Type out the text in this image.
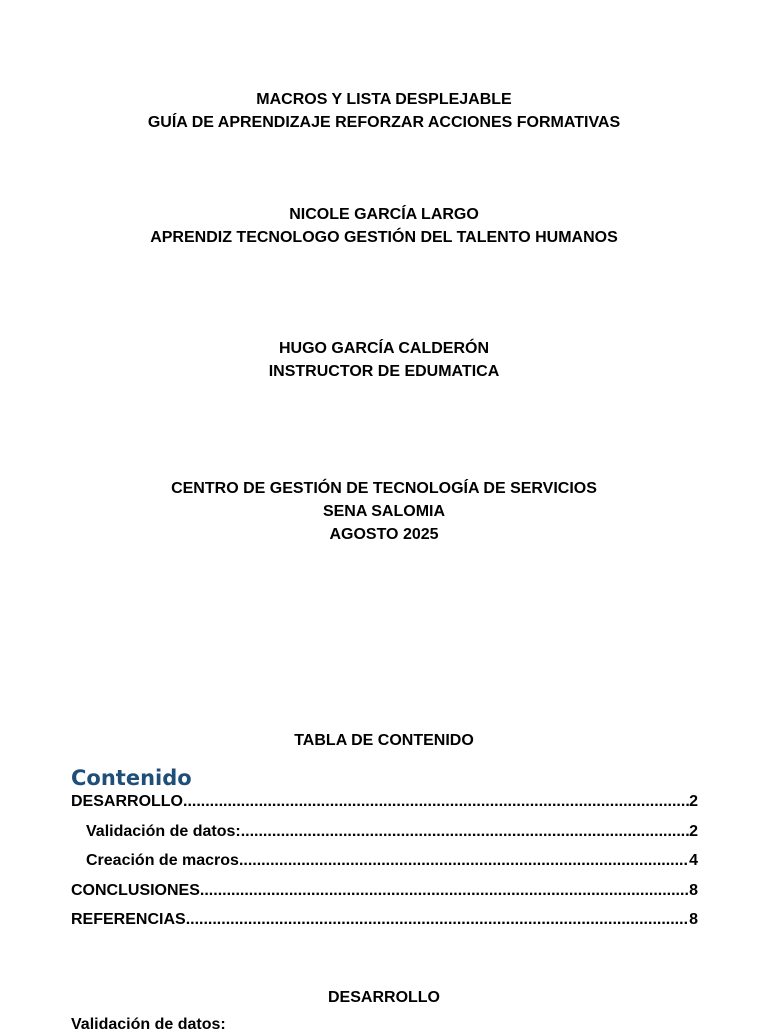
MACROS Y LISTA DESPLEJABLE
GUÍA DE APRENDIZAJE REFORZAR ACCIONES FORMATIVAS
NICOLE GARCÍA LARGO
APRENDIZ TECNOLOGO GESTIÓN DEL TALENTO HUMANOS
HUGO GARCÍA CALDERÓN
INSTRUCTOR DE EDUMATICA
CENTRO DE GESTIÓN DE TECNOLOGÍA DE SERVICIOS
SENA SALOMIA
AGOSTO 2025
TABLA DE CONTENIDO
Contenido
DESARROLLO .....	2
Validación de datos: .....	2
Creación de macros .....	4
CONCLUSIONES .....	8
REFERENCIAS .....	8
DESARROLLO
Validación de datos:
